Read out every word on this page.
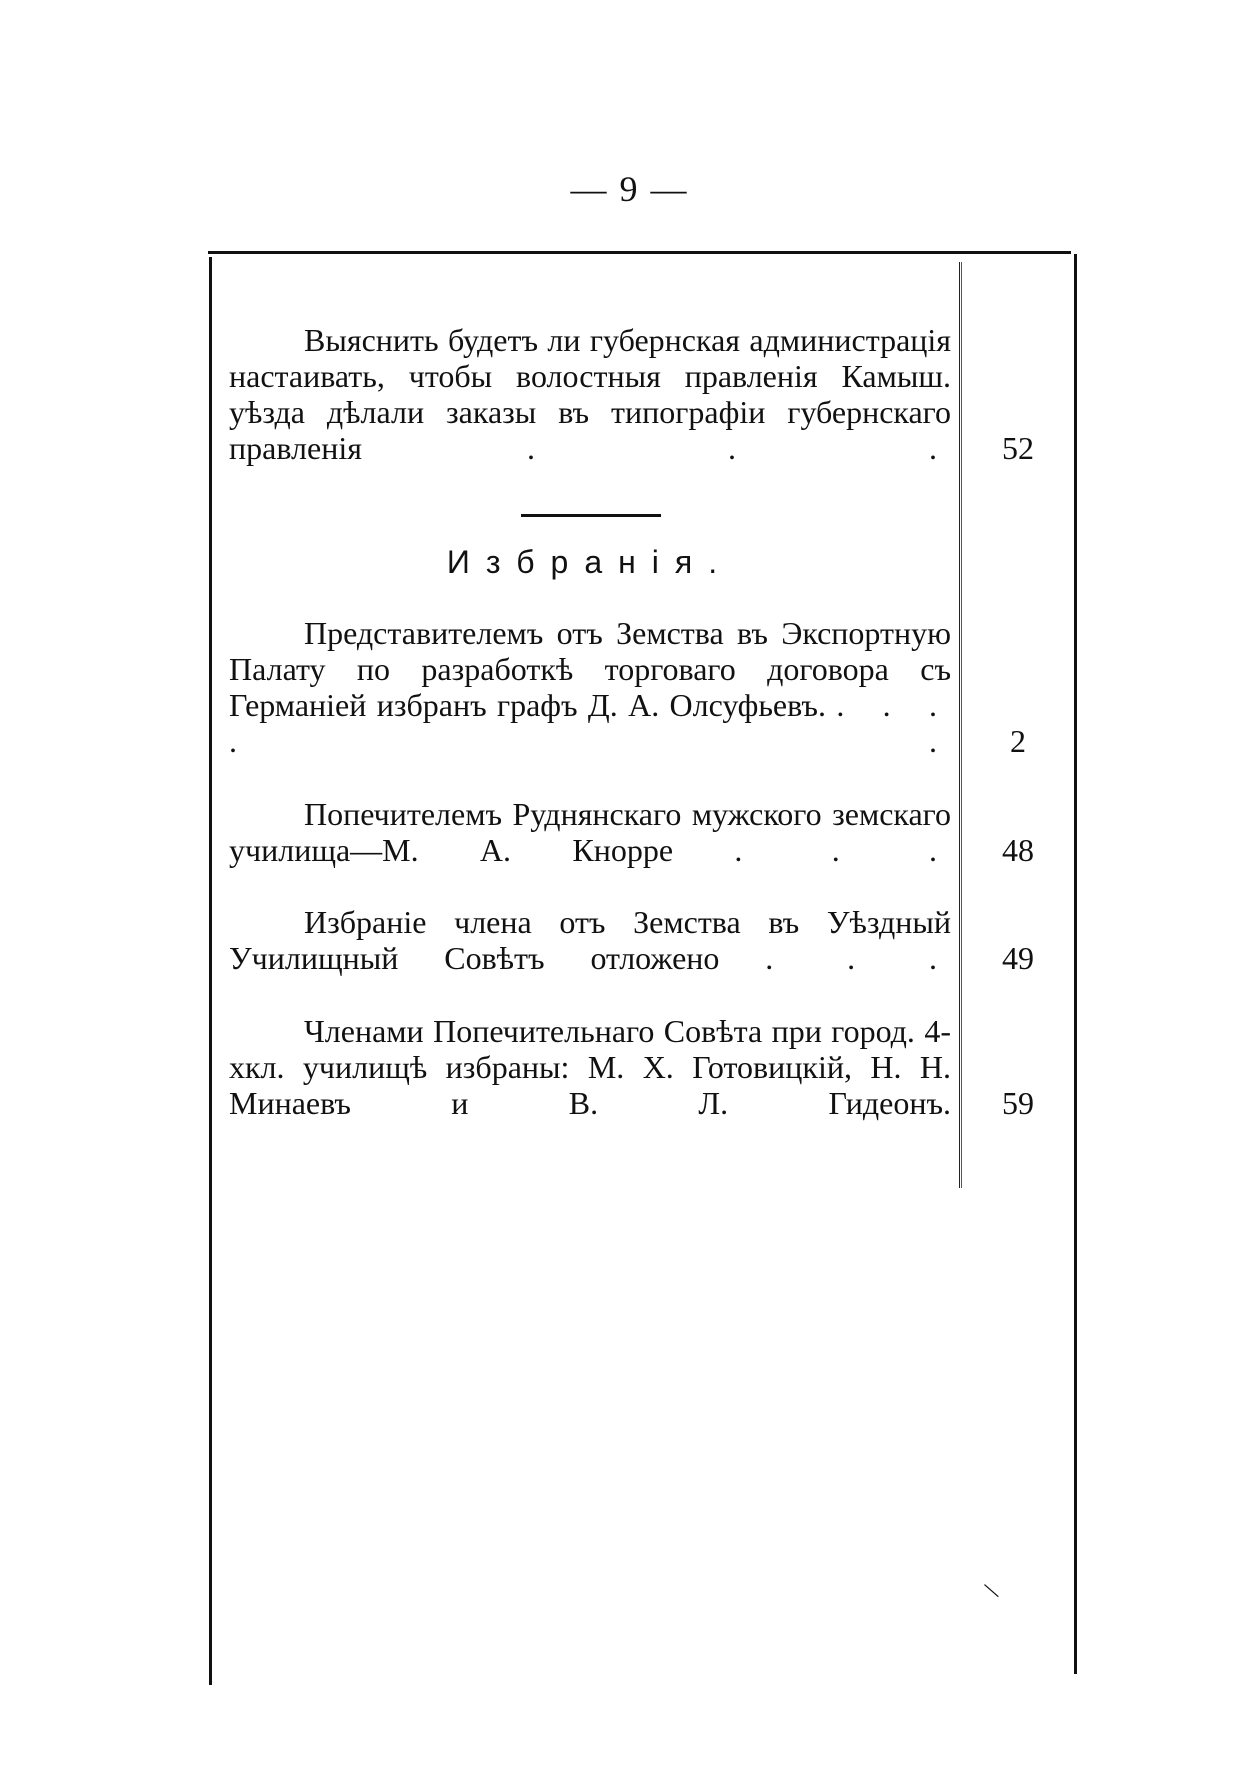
— 9 —
Выяснить будетъ ли губернская администрація настаивать, чтобы волостныя правленія Камыш. уѣзда дѣлали заказы въ типографіи губернскаго правленія	. . .	52
Избранія.
Представителемъ отъ Земства въ Экспортную Палату по разработкѣ торговаго договора съ Германіей избранъ графъ Д. А. Олсуфьевъ. . . . . .	2
Попечителемъ Руднянскаго мужского земскаго училища—М. А. Кнорре . . .	48
Избраніе члена отъ Земства въ Уѣздный Училищный Совѣтъ отложено . . .	49
Членами Попечительнаго Совѣта при город. 4-хкл. училищѣ избраны: М. Х. Готовицкій, Н. Н. Минаевъ и В. Л. Гидеонъ.	59
\
